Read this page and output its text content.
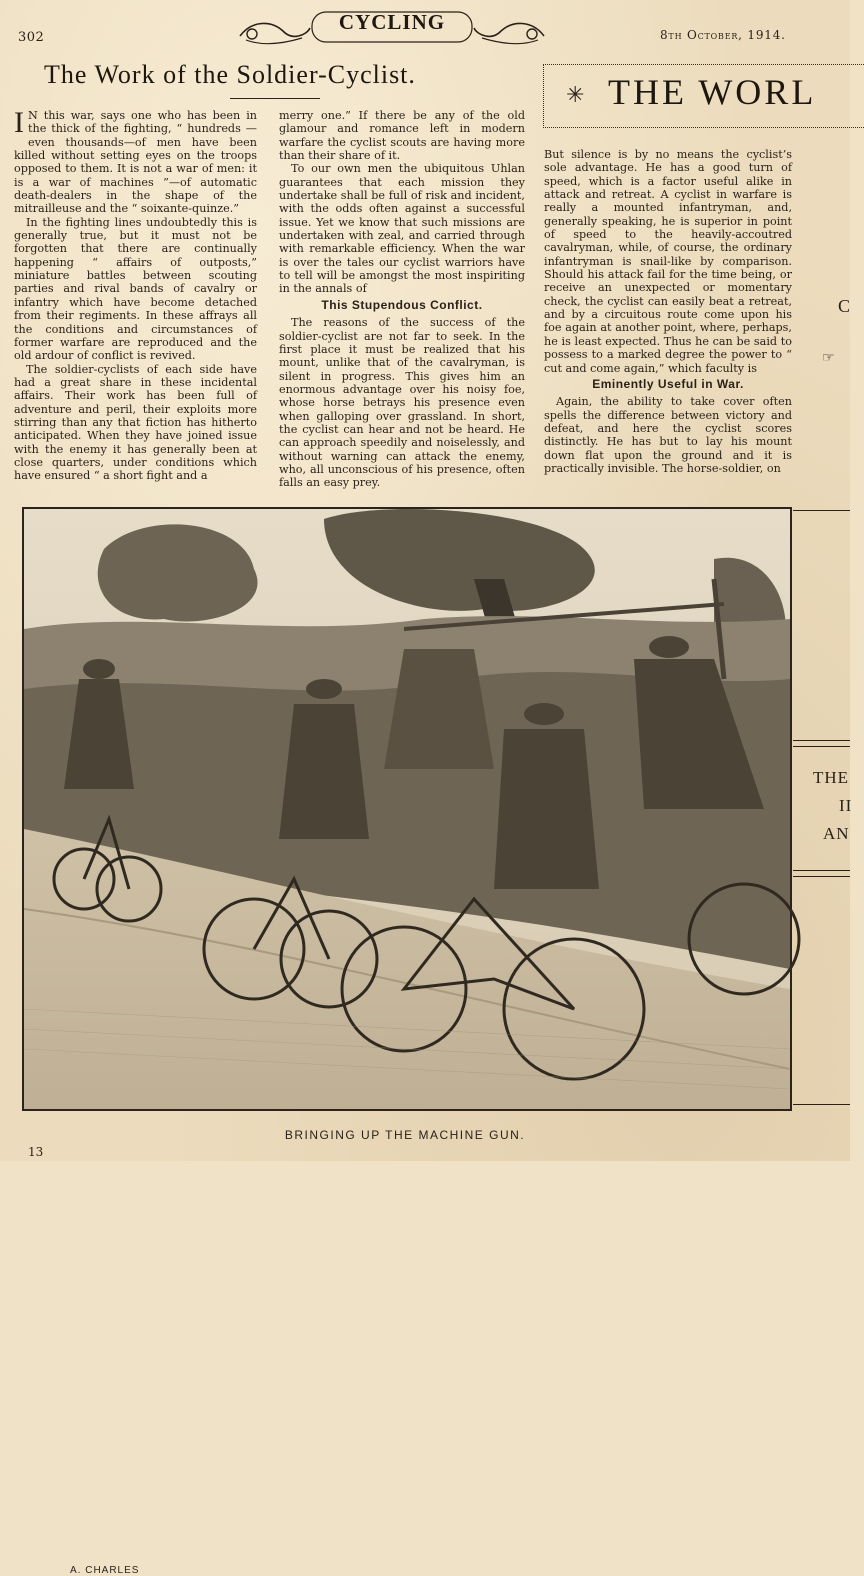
302
CYCLING
8th October, 1914.
The Work of the Soldier-Cyclist.
✳ THE WORL

I N this war, says one who has been in the thick of the fighting, “ hundreds —even thousands—of men have been killed without setting eyes on the troops opposed to them. It is not a war of men: it is a war of machines ”—of automatic death-dealers in the shape of the mitrailleuse and the “ soixante-quinze.”

In the fighting lines undoubtedly this is generally true, but it must not be forgotten that there are continually happening “ affairs of outposts,” miniature battles between scouting parties and rival bands of cavalry or infantry which have become detached from their regiments. In these affrays all the conditions and circumstances of former warfare are reproduced and the old ardour of conflict is revived.

The soldier-cyclists of each side have had a great share in these incidental affairs. Their work has been full of adventure and peril, their exploits more stirring than any that fiction has hitherto anticipated. When they have joined issue with the enemy it has generally been at close quarters, under conditions which have ensured “ a short fight and a

merry one.” If there be any of the old glamour and romance left in modern warfare the cyclist scouts are having more than their share of it.

To our own men the ubiquitous Uhlan guarantees that each mission they undertake shall be full of risk and incident, with the odds often against a successful issue. Yet we know that such missions are undertaken with zeal, and carried through with remarkable efficiency. When the war is over the tales our cyclist warriors have to tell will be amongst the most inspiriting in the annals of

This Stupendous Conflict.

The reasons of the success of the soldier-cyclist are not far to seek. In the first place it must be realized that his mount, unlike that of the cavalryman, is silent in progress. This gives him an enormous advantage over his noisy foe, whose horse betrays his presence even when galloping over grassland. In short, the cyclist can hear and not be heard. He can approach speedily and noiselessly, and without warning can attack the enemy, who, all unconscious of his presence, often falls an easy prey.

But silence is by no means the cyclist’s sole advantage. He has a good turn of speed, which is a factor useful alike in attack and retreat. A cyclist in warfare is really a mounted infantryman, and, generally speaking, he is superior in point of speed to the heavily-accoutred cavalryman, while, of course, the ordinary infantryman is snail-like by comparison. Should his attack fail for the time being, or receive an unexpected or momentary check, the cyclist can easily beat a retreat, and by a circuitous route come upon his foe again at another point, where, perhaps, he is least expected. Thus he can be said to possess to a marked degree the power to “ cut and come again,” which faculty is

Eminently Useful in War.

Again, the ability to take cover often spells the difference between victory and defeat, and here the cyclist scores distinctly. He has but to lay his mount down flat upon the ground and it is practically invisible. The horse-soldier, on

C
☞
THE
II
AN
A. CHARLES
BRINGING UP THE MACHINE GUN.
13
